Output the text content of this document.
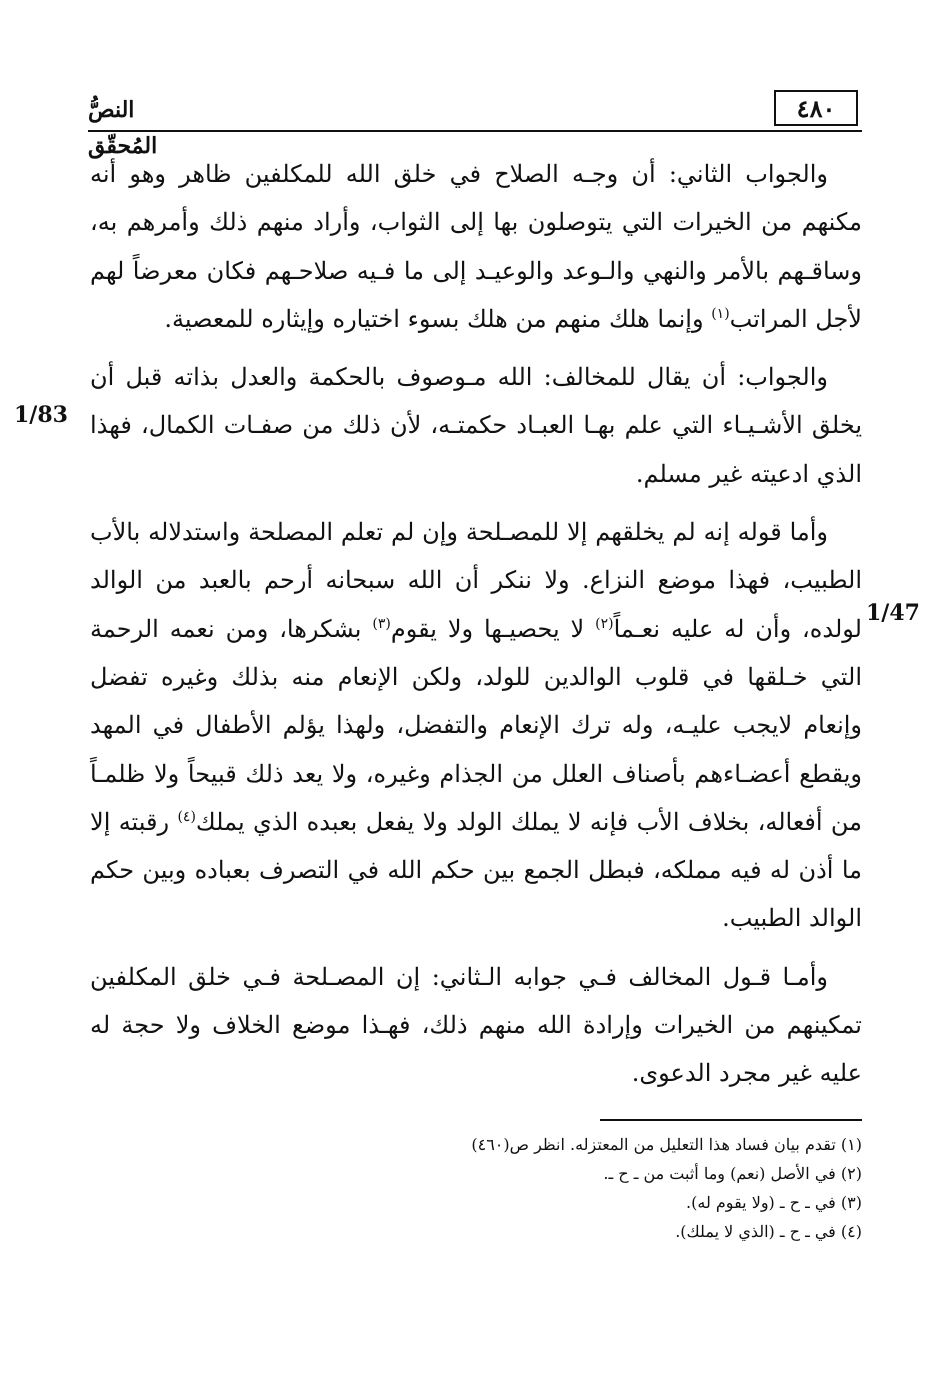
٤٨٠
النصُّ المُحقّق

والجواب الثاني: أن وجـه الصلاح في خلق الله للمكلفين ظاهر وهو أنه مكنهم من الخيرات التي يتوصلون بها إلى الثواب، وأراد منهم ذلك وأمرهم به، وساقـهم بالأمر والنهي والـوعد والوعيـد إلى ما فـيه صلاحـهم فكان معرضاً لهم لأجل المراتب$^{(١)}$ وإنما هلك منهم من هلك بسوء اختياره وإيثاره للمعصية.

والجواب: أن يقال للمخالف: الله مـوصوف بالحكمة والعدل بذاته قبل أن يخلق الأشـيـاء التي علم بهـا العبـاد حكمتـه، لأن ذلك من صفـات الكمال، فهذا الذي ادعيته غير مسلم.

وأما قوله إنه لم يخلقهم إلا للمصـلحة وإن لم تعلم المصلحة واستدلاله بالأب الطبيب، فهذا موضع النزاع. ولا ننكر أن الله سبحانه أرحم بالعبد من الوالد لولده، وأن له عليه نعـماً$^{(٢)}$ لا يحصيـها ولا يقوم$^{(٣)}$ بشكرها، ومن نعمه الرحمة التي خـلقها في قلوب الوالدين للولد، ولكن الإنعام منه بذلك وغيره تفضل وإنعام لايجب عليـه، وله ترك الإنعام والتفضل، ولهذا يؤلم الأطفال في المهد ويقطع أعضـاءهم بأصناف العلل من الجذام وغيره، ولا يعد ذلك قبيحاً ولا ظلمـاً من أفعاله، بخلاف الأب فإنه لا يملك الولد ولا يفعل بعبده الذي يملك$^{(٤)}$ رقبته إلا ما أذن له فيه مملكه، فبطل الجمع بين حكم الله في التصرف بعباده وبين حكم الوالد الطبيب.

وأمـا قـول المخالف فـي جوابه الـثاني: إن المصـلحة فـي خلق المكلفين تمكينهم من الخيرات وإرادة الله منهم ذلك، فهـذا موضع الخلاف ولا حجة له عليه غير مجرد الدعوى.

1/83
1/47

(١) تقدم بيان فساد هذا التعليل من المعتزله. انظر ص(٤٦٠)

(٢) في الأصل (نعم) وما أثبت من ـ ح ـ.

(٣) في ـ ح ـ (ولا يقوم له).

(٤) في ـ ح ـ (الذي لا يملك).
